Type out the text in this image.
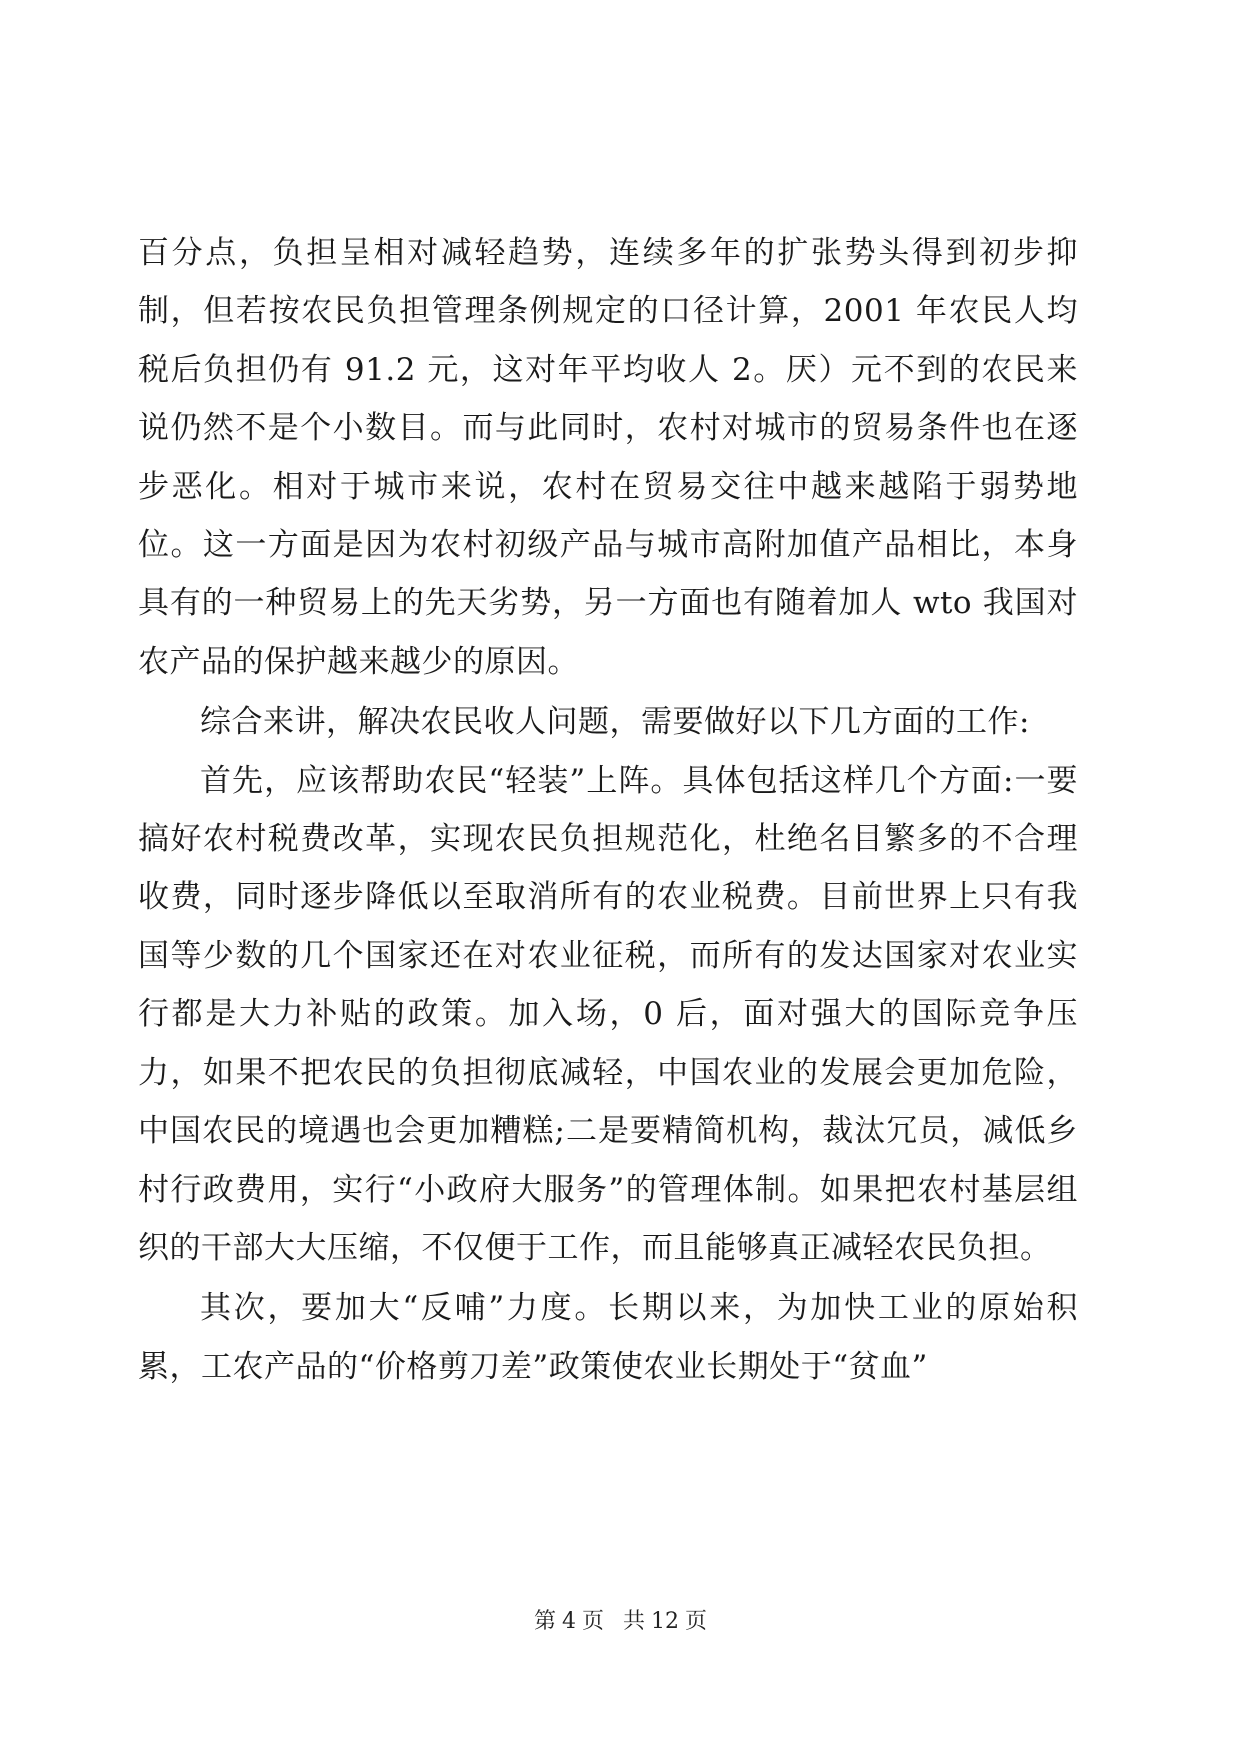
百分点，负担呈相对减轻趋势，连续多年的扩张势头得到初步抑制，但若按农民负担管理条例规定的口径计算，2001 年农民人均税后负担仍有 91.2 元，这对年平均收人 2。厌）元不到的农民来说仍然不是个小数目。而与此同时，农村对城市的贸易条件也在逐步恶化。相对于城市来说，农村在贸易交往中越来越陷于弱势地位。这一方面是因为农村初级产品与城市高附加值产品相比，本身具有的一种贸易上的先天劣势，另一方面也有随着加人 wto 我国对农产品的保护越来越少的原因。

综合来讲，解决农民收人问题，需要做好以下几方面的工作:

首先，应该帮助农民“轻装”上阵。具体包括这样几个方面:一要搞好农村税费改革，实现农民负担规范化，杜绝名目繁多的不合理收费，同时逐步降低以至取消所有的农业税费。目前世界上只有我国等少数的几个国家还在对农业征税，而所有的发达国家对农业实行都是大力补贴的政策。加入场，0 后，面对强大的国际竞争压力，如果不把农民的负担彻底减轻，中国农业的发展会更加危险，中国农民的境遇也会更加糟糕;二是要精简机构，裁汰冗员，减低乡村行政费用，实行“小政府大服务”的管理体制。如果把农村基层组织的干部大大压缩，不仅便于工作，而且能够真正减轻农民负担。

其次，要加大“反哺”力度。长期以来，为加快工业的原始积累，工农产品的“价格剪刀差”政策使农业长期处于“贫血”

第 4 页 共 12 页
